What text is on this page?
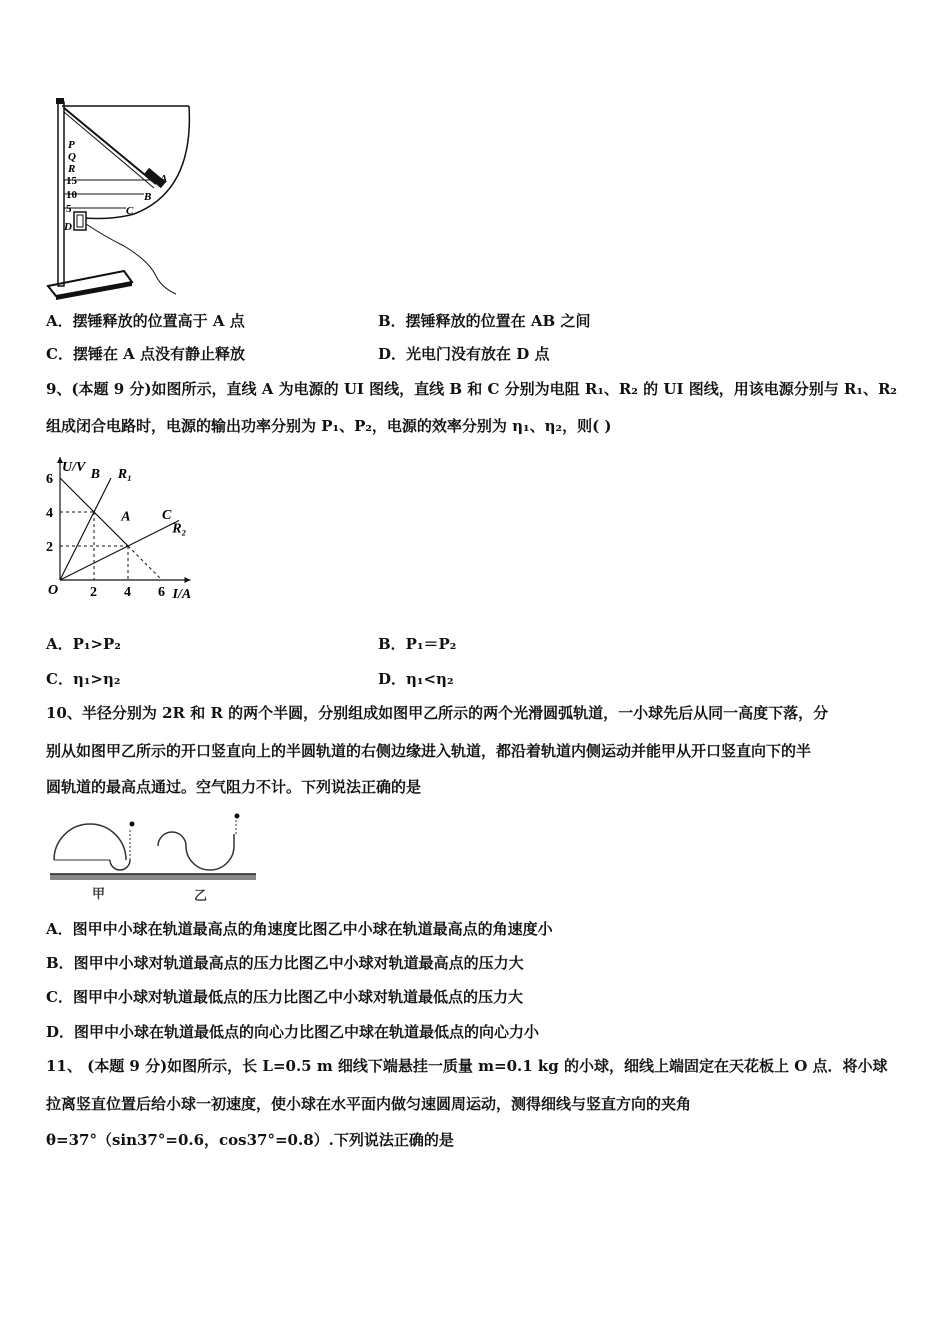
P
Q
R
15
10
5
D
A
B
C
A．摆锤释放的位置高于 A 点	B．摆锤释放的位置在 AB 之间
C．摆锤在 A 点没有静止释放	D．光电门没有放在 D 点
9、(本题 9 分)如图所示，直线 A 为电源的 UI 图线，直线 B 和 C 分别为电阻 R₁、R₂ 的 UI 图线，用该电源分别与 R₁、R₂
组成闭合电路时，电源的输出功率分别为 P₁、P₂，电源的效率分别为 η₁、η₂，则( )
U/V
I/A
O 2 4 6
2
4
6
A
B R₁
C
R₂
A．P₁>P₂	B．P₁＝P₂
C．η₁>η₂	D．η₁<η₂
10、半径分别为 2R 和 R 的两个半圆，分别组成如图甲乙所示的两个光滑圆弧轨道，一小球先后从同一高度下落，分
别从如图甲乙所示的开口竖直向上的半圆轨道的右侧边缘进入轨道，都沿着轨道内侧运动并能甲从开口竖直向下的半
圆轨道的最高点通过。空气阻力不计。下列说法正确的是
甲	乙
A．图甲中小球在轨道最高点的角速度比图乙中小球在轨道最高点的角速度小
B．图甲中小球对轨道最高点的压力比图乙中小球对轨道最高点的压力大
C．图甲中小球对轨道最低点的压力比图乙中小球对轨道最低点的压力大
D．图甲中小球在轨道最低点的向心力比图乙中球在轨道最低点的向心力小
11、 (本题 9 分)如图所示，长 L=0.5 m 细线下端悬挂一质量 m=0.1 kg 的小球，细线上端固定在天花板上 O 点．将小球
拉离竖直位置后给小球一初速度，使小球在水平面内做匀速圆周运动，测得细线与竖直方向的夹角
θ=37°（sin37°=0.6，cos37°=0.8）.下列说法正确的是
